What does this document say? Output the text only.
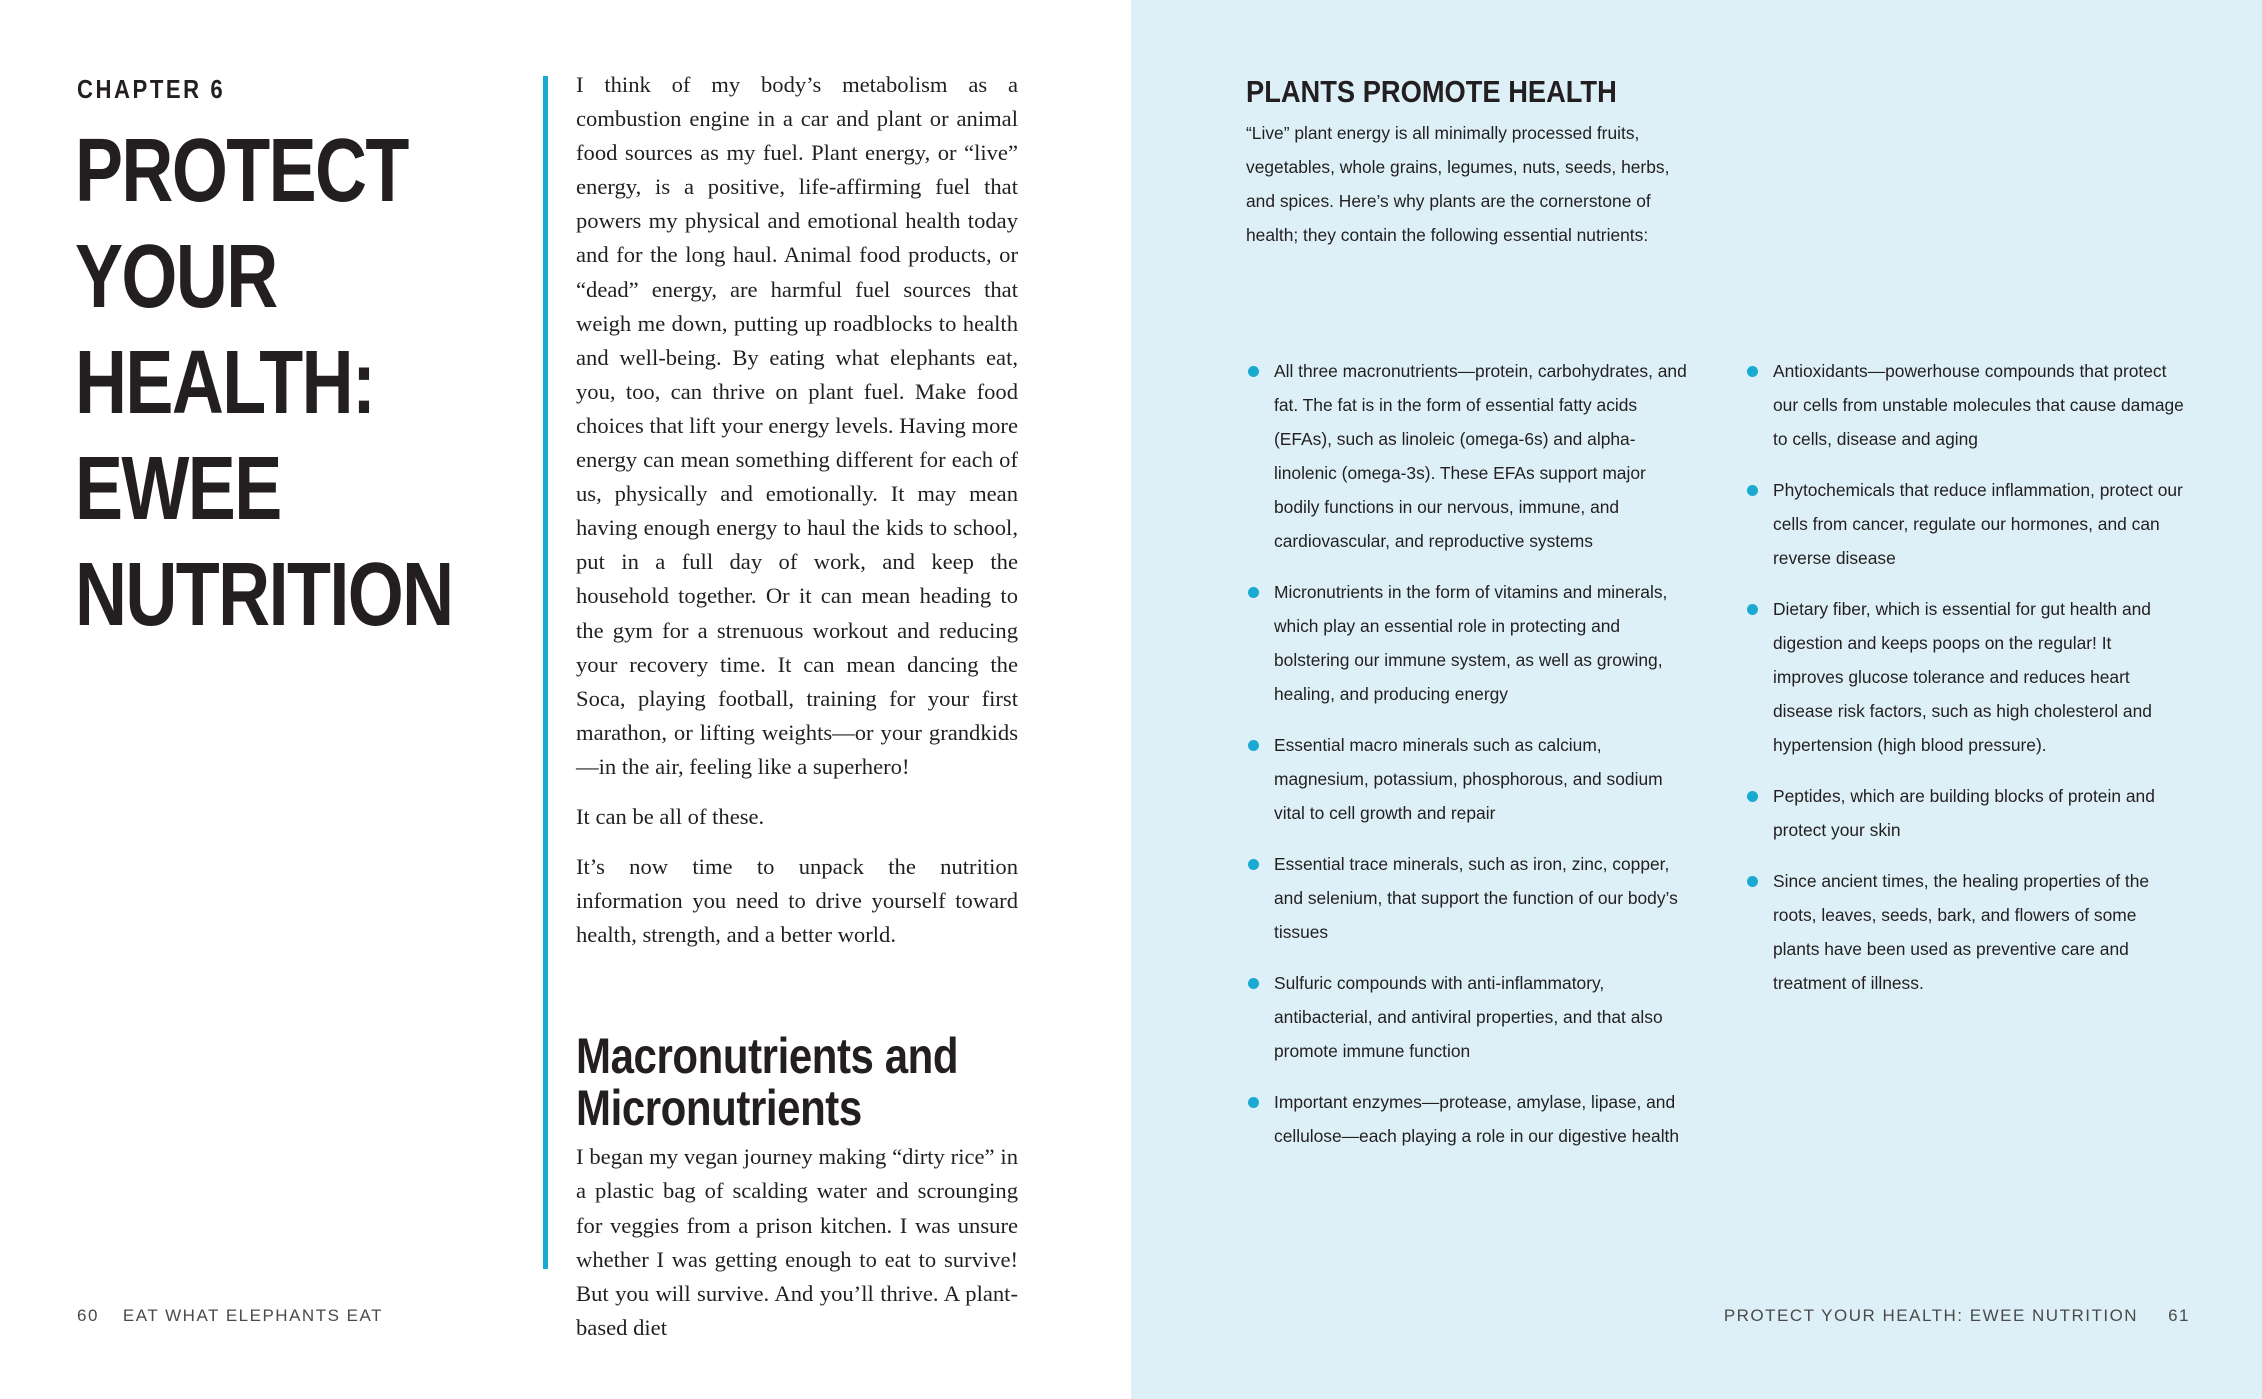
CHAPTER 6
PROTECT
YOUR
HEALTH:
EWEE
NUTRITION

I think of my body’s metabolism as a combustion engine in a car and plant or animal food sources as my fuel. Plant energy, or “live” energy, is a positive, life-affirming fuel that powers my physical and emotional health today and for the long haul. Animal food products, or “dead” energy, are harmful fuel sources that weigh me down, putting up roadblocks to health and well-being. By eating what elephants eat, you, too, can thrive on plant fuel. Make food choices that lift your energy levels. Having more energy can mean something different for each of us, physically and emotionally. It may mean having enough energy to haul the kids to school, put in a full day of work, and keep the household together. Or it can mean heading to the gym for a strenuous workout and reducing your recovery time. It can mean dancing the Soca, playing football, training for your first marathon, or lifting weights—or your grandkids—in the air, feeling like a superhero!

It can be all of these.

It’s now time to unpack the nutrition information you need to drive yourself toward health, strength, and a better world.

Macronutrients and
Micronutrients

I began my vegan journey making “dirty rice” in a plastic bag of scalding water and scrounging for veggies from a prison kitchen. I was unsure whether I was getting enough to eat to survive! But you will survive. And you’ll thrive. A plant-based diet

60 EAT WHAT ELEPHANTS EAT
PLANTS PROMOTE HEALTH
“Live” plant energy is all minimally processed fruits, vegetables, whole grains, legumes, nuts, seeds, herbs, and spices. Here’s why plants are the cornerstone of health; they contain the following essential nutrients:
All three macronutrients—protein, carbohydrates, and fat. The fat is in the form of essential fatty acids (EFAs), such as linoleic (omega-6s) and alpha-linolenic (omega-3s). These EFAs support major bodily functions in our nervous, immune, and cardiovascular, and reproductive systems
Micronutrients in the form of vitamins and minerals, which play an essential role in protecting and bolstering our immune system, as well as growing, healing, and producing energy
Essential macro minerals such as calcium, magnesium, potassium, phosphorous, and sodium vital to cell growth and repair
Essential trace minerals, such as iron, zinc, copper, and selenium, that support the function of our body’s tissues
Sulfuric compounds with anti-inflammatory, antibacterial, and antiviral properties, and that also promote immune function
Important enzymes—protease, amylase, lipase, and cellulose—each playing a role in our digestive health
Antioxidants—powerhouse compounds that protect our cells from unstable molecules that cause damage to cells, disease and aging
Phytochemicals that reduce inflammation, protect our cells from cancer, regulate our hormones, and can reverse disease
Dietary fiber, which is essential for gut health and digestion and keeps poops on the regular! It improves glucose tolerance and reduces heart disease risk factors, such as high cholesterol and hypertension (high blood pressure).
Peptides, which are building blocks of protein and protect your skin
Since ancient times, the healing properties of the roots, leaves, seeds, bark, and flowers of some plants have been used as preventive care and treatment of illness.
PROTECT YOUR HEALTH: EWEE NUTRITION 61
